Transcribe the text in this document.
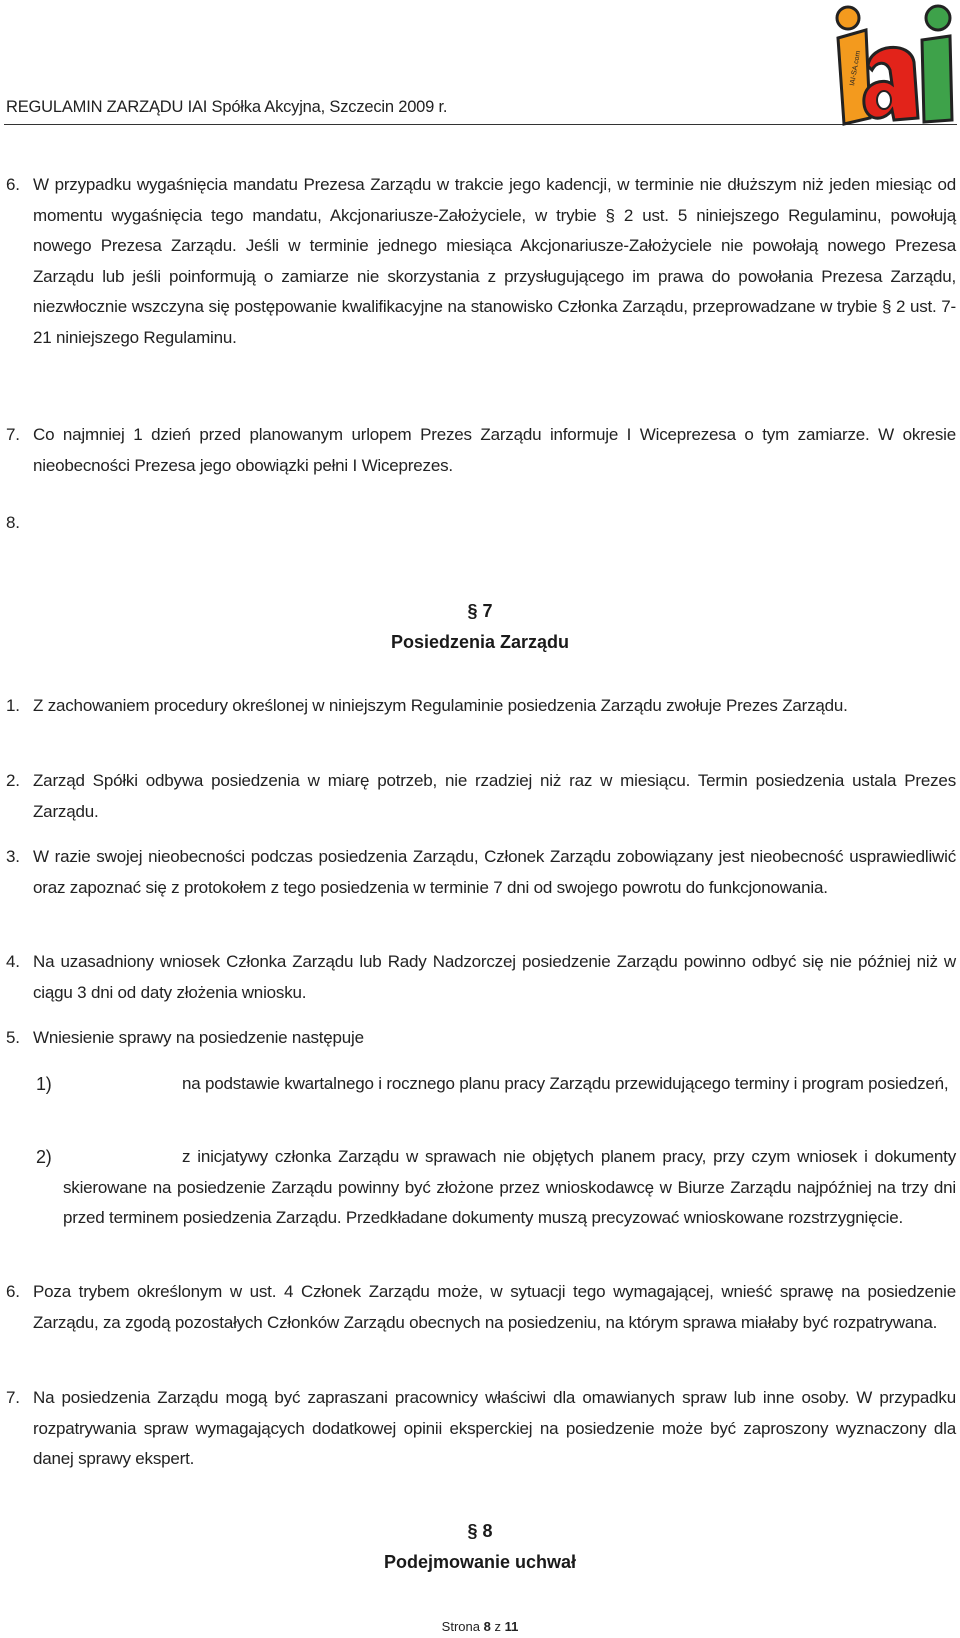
REGULAMIN ZARZĄDU IAI Spółka Akcyjna, Szczecin 2009 r.
IAI-SA.com
6. W przypadku wygaśnięcia mandatu Prezesa Zarządu w trakcie jego kadencji, w terminie nie dłuższym niż jeden miesiąc od momentu wygaśnięcia tego mandatu, Akcjonariusze-Założyciele, w trybie § 2 ust. 5 niniejszego Regulaminu, powołują nowego Prezesa Zarządu. Jeśli w terminie jednego miesiąca Akcjonariusze-Założyciele nie powołają nowego Prezesa Zarządu lub jeśli poinformują o zamiarze nie skorzystania z przysługującego im prawa do powołania Prezesa Zarządu, niezwłocznie wszczyna się postępowanie kwalifikacyjne na stanowisko Członka Zarządu, przeprowadzane w trybie § 2 ust. 7-21 niniejszego Regulaminu.
7. Co najmniej 1 dzień przed planowanym urlopem Prezes Zarządu informuje I Wiceprezesa o tym zamiarze. W okresie nieobecności Prezesa jego obowiązki pełni I Wiceprezes.
8.
§ 7
Posiedzenia Zarządu
1. Z zachowaniem procedury określonej w niniejszym Regulaminie posiedzenia Zarządu zwołuje Prezes Zarządu.
2. Zarząd Spółki odbywa posiedzenia w miarę potrzeb, nie rzadziej niż raz w miesiącu. Termin posiedzenia ustala Prezes Zarządu.
3. W razie swojej nieobecności podczas posiedzenia Zarządu, Członek Zarządu zobowiązany jest nieobecność usprawiedliwić oraz zapoznać się z protokołem z tego posiedzenia w terminie 7 dni od swojego powrotu do funkcjonowania.
4. Na uzasadniony wniosek Członka Zarządu lub Rady Nadzorczej posiedzenie Zarządu powinno odbyć się nie później niż w ciągu 3 dni od daty złożenia wniosku.
5. Wniesienie sprawy na posiedzenie następuje
1)	na podstawie kwartalnego i rocznego planu pracy Zarządu przewidującego terminy i program posiedzeń,
2)	z inicjatywy członka Zarządu w sprawach nie objętych planem pracy, przy czym wniosek i dokumenty skierowane na posiedzenie Zarządu powinny być złożone przez wnioskodawcę w Biurze Zarządu najpóźniej na trzy dni przed terminem posiedzenia Zarządu. Przedkładane dokumenty muszą precyzować wnioskowane rozstrzygnięcie.
6. Poza trybem określonym w ust. 4 Członek Zarządu może, w sytuacji tego wymagającej, wnieść sprawę na posiedzenie Zarządu, za zgodą pozostałych Członków Zarządu obecnych na posiedzeniu, na którym sprawa miałaby być rozpatrywana.
7. Na posiedzenia Zarządu mogą być zapraszani pracownicy właściwi dla omawianych spraw lub inne osoby. W przypadku rozpatrywania spraw wymagających dodatkowej opinii eksperckiej na posiedzenie może być zaproszony wyznaczony dla danej sprawy ekspert.
§ 8
Podejmowanie uchwał
Strona 8 z 11
